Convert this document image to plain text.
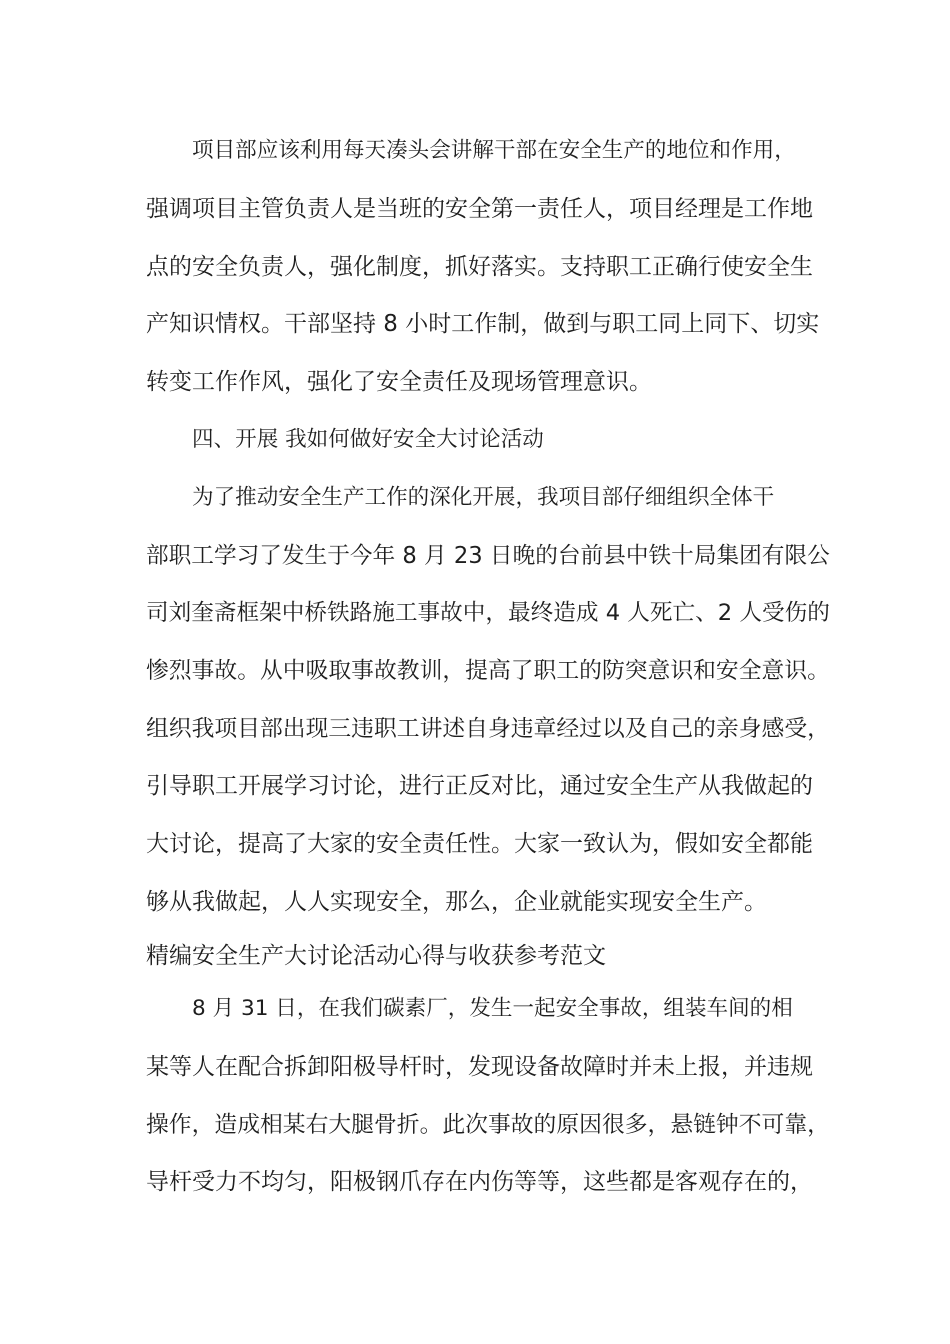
项目部应该利用每天凑头会讲解干部在安全生产的地位和作用，

强调项目主管负责人是当班的安全第一责任人，项目经理是工作地

点的安全负责人，强化制度，抓好落实。支持职工正确行使安全生

产知识情权。干部坚持 8 小时工作制，做到与职工同上同下、切实

转变工作作风，强化了安全责任及现场管理意识。

四、开展 我如何做好安全大讨论活动

为了推动安全生产工作的深化开展，我项目部仔细组织全体干

部职工学习了发生于今年 8 月 23 日晚的台前县中铁十局集团有限公

司刘奎斋框架中桥铁路施工事故中，最终造成 4 人死亡、2 人受伤的

惨烈事故。从中吸取事故教训，提高了职工的防突意识和安全意识。

组织我项目部出现三违职工讲述自身违章经过以及自己的亲身感受，

引导职工开展学习讨论，进行正反对比，通过安全生产从我做起的

大讨论，提高了大家的安全责任性。大家一致认为，假如安全都能

够从我做起，人人实现安全，那么，企业就能实现安全生产。

精编安全生产大讨论活动心得与收获参考范文

8 月 31 日，在我们碳素厂，发生一起安全事故，组装车间的相

某等人在配合拆卸阳极导杆时，发现设备故障时并未上报，并违规

操作，造成相某右大腿骨折。此次事故的原因很多，悬链钟不可靠，

导杆受力不均匀，阳极钢爪存在内伤等等，这些都是客观存在的，
